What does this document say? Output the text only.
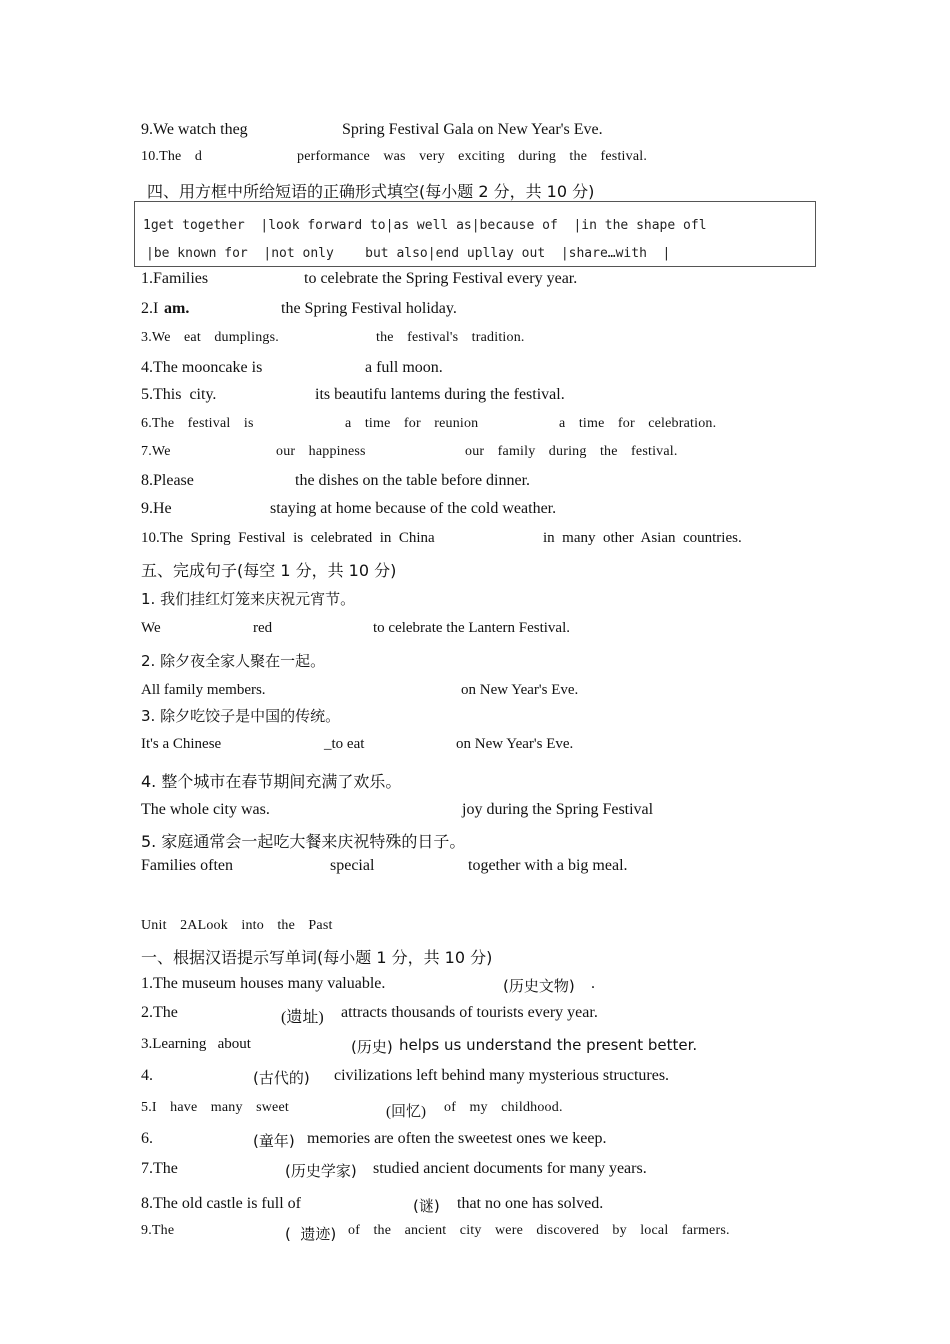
9.We watch theg	Spring Festival Gala on New Year's Eve.
10.The  d	performance  was  very  exciting  during  the  festival.
四、用方框中所给短语的正确形式填空(每小题 2 分，共 10 分)
1get together  |look forward to|as well as|because of  |in the shape ofl
|be known for  |not only    but also|end upllay out  |share…with  |
1.Families	to celebrate the Spring Festival every year.
2.I am.	the Spring Festival holiday.
3.We  eat  dumplings.	the  festival's  tradition.
4.The mooncake is	a full moon.
5.This  city.	its beautifu lantems during the festival.
6.The  festival  is	a  time  for  reunion	a  time  for  celebration.
7.We	our  happiness	our  family  during  the  festival.
8.Please	the dishes on the table before dinner.
9.He	staying at home because of the cold weather.
10.The  Spring  Festival  is  celebrated  in  China	in  many  other  Asian  countries.
五、完成句子(每空 1 分，共 10 分)
1. 我们挂红灯笼来庆祝元宵节。
We	red	to celebrate the Lantern Festival.
2. 除夕夜全家人聚在一起。
All family members.	on New Year's Eve.
3. 除夕吃饺子是中国的传统。
It's a Chinese	_to eat	on New Year's Eve.
4. 整个城市在春节期间充满了欢乐。
The whole city was.	joy during the Spring Festival
5. 家庭通常会一起吃大餐来庆祝特殊的日子。
Families often	special	together with a big meal.
Unit  2ALook  into  the  Past
一、根据汉语提示写单词(每小题 1 分，共 10 分)
1.The museum houses many valuable.	(历史文物) .
2.The	(遗址) attracts thousands of tourists every year.
3.Learning   about	(历史) helps us understand the present better.
4.	(古代的) civilizations left behind many mysterious structures.
5.I  have  many  sweet	(回忆) of  my  childhood.
6.	(童年) memories are often the sweetest ones we keep.
7.The	(历史学家) studied ancient documents for many years.
8.The old castle is full of	(谜) that no one has solved.
9.The	(  遗迹) of  the  ancient  city  were  discovered  by  local  farmers.
